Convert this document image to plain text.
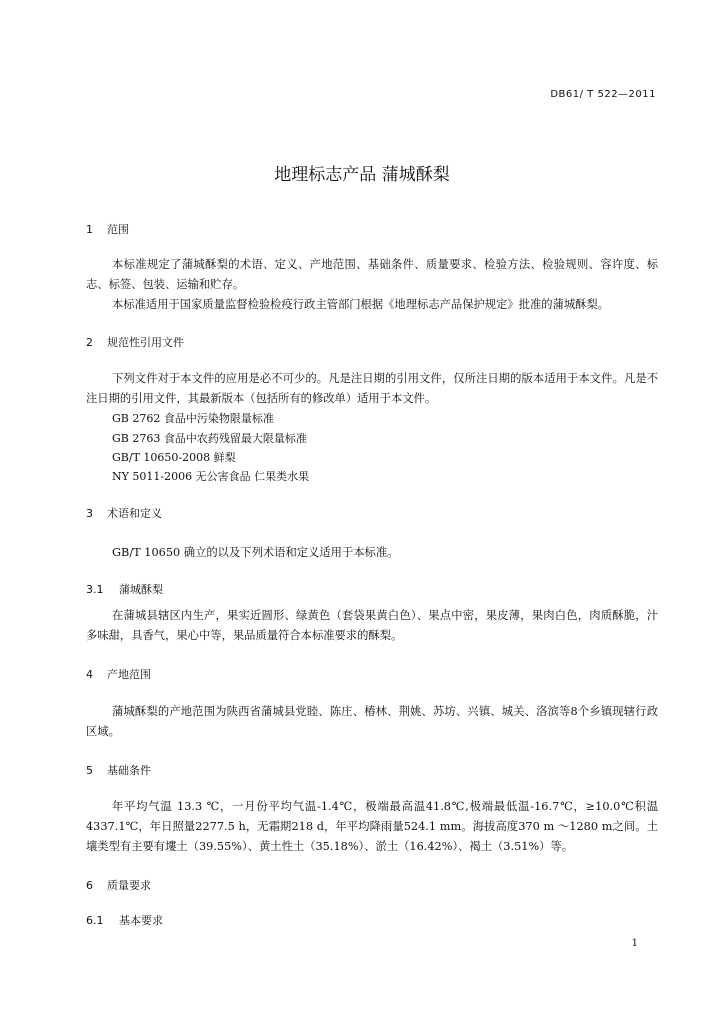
DB61/ T 522—2011
地理标志产品 蒲城酥梨
1 范围
本标准规定了蒲城酥梨的术语、定义、产地范围、基础条件、质量要求、检验方法、检验规则、容许度、标志、标签、包装、运输和贮存。
本标准适用于国家质量监督检验检疫行政主管部门根据《地理标志产品保护规定》批准的蒲城酥梨。
2 规范性引用文件
下列文件对于本文件的应用是必不可少的。凡是注日期的引用文件，仅所注日期的版本适用于本文件。凡是不注日期的引用文件，其最新版本（包括所有的修改单）适用于本文件。
GB 2762 食品中污染物限量标准
GB 2763 食品中农药残留最大限量标准
GB/T 10650-2008 鲜梨
NY 5011-2006 无公害食品 仁果类水果
3 术语和定义
GB/T 10650 确立的以及下列术语和定义适用于本标准。
3.1 蒲城酥梨
在蒲城县辖区内生产，果实近圆形、绿黄色（套袋果黄白色）、果点中密，果皮薄，果肉白色，肉质酥脆，汁多味甜，具香气，果心中等，果品质量符合本标准要求的酥梨。
4 产地范围
蒲城酥梨的产地范围为陕西省蒲城县党睦、陈庄、椿林、荆姚、苏坊、兴镇、城关、洛滨等8个乡镇现辖行政区域。
5 基础条件
年平均气温 13.3 ℃，一月份平均气温-1.4℃，极端最高温41.8℃,极端最低温-16.7℃，≥10.0℃积温4337.1℃，年日照量2277.5 h，无霜期218 d，年平均降雨量524.1 mm。海拔高度370 m ～1280 m之间。土壤类型有主要有塿土（39.55%）、黄土性土（35.18%）、淤土（16.42%）、褐土（3.51%）等。
6 质量要求
6.1 基本要求
1
